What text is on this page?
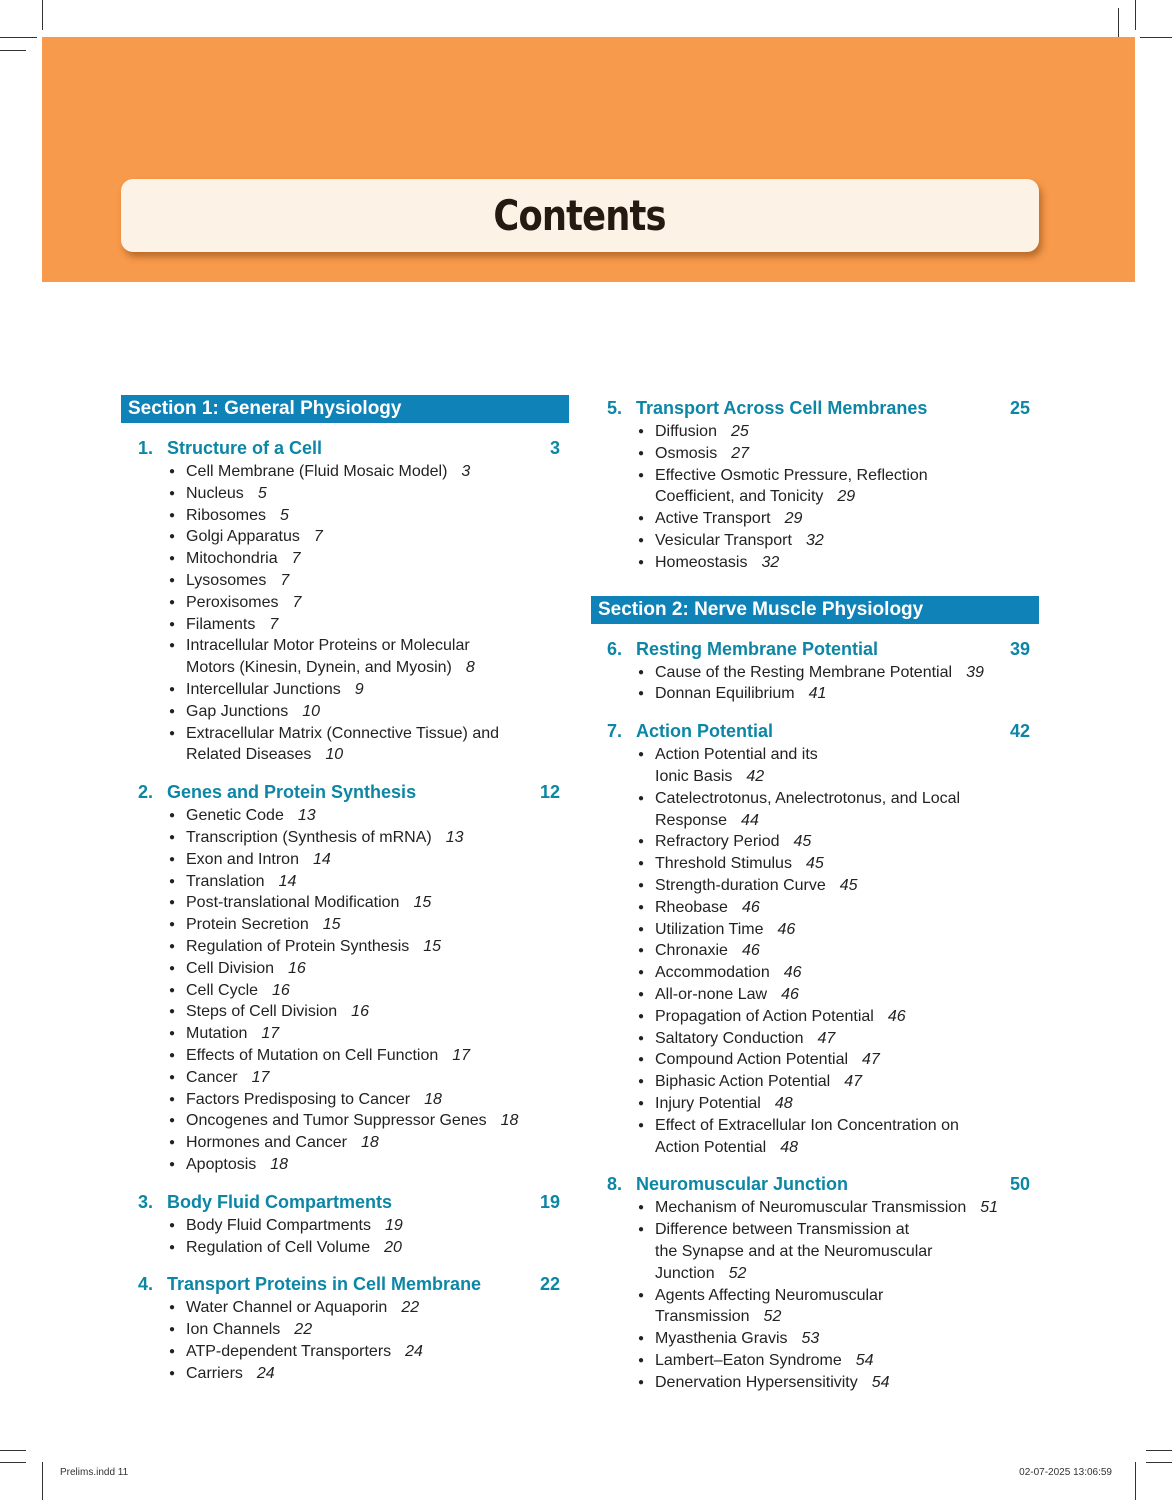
Contents
Section 1: General Physiology
1. Structure of a Cell	3
● Cell Membrane (Fluid Mosaic Model) 3
● Nucleus 5
● Ribosomes 5
● Golgi Apparatus 7
● Mitochondria 7
● Lysosomes 7
● Peroxisomes 7
● Filaments 7
● Intracellular Motor Proteins or Molecular
Motors (Kinesin, Dynein, and Myosin) 8
● Intercellular Junctions 9
● Gap Junctions 10
● Extracellular Matrix (Connective Tissue) and
Related Diseases 10
2. Genes and Protein Synthesis	12
● Genetic Code 13
● Transcription (Synthesis of mRNA) 13
● Exon and Intron 14
● Translation 14
● Post-translational Modification 15
● Protein Secretion 15
● Regulation of Protein Synthesis 15
● Cell Division 16
● Cell Cycle 16
● Steps of Cell Division 16
● Mutation 17
● Effects of Mutation on Cell Function 17
● Cancer 17
● Factors Predisposing to Cancer 18
● Oncogenes and Tumor Suppressor Genes 18
● Hormones and Cancer 18
● Apoptosis 18
3. Body Fluid Compartments	19
● Body Fluid Compartments 19
● Regulation of Cell Volume 20
4. Transport Proteins in Cell Membrane	22
● Water Channel or Aquaporin 22
● Ion Channels 22
● ATP-dependent Transporters 24
● Carriers 24
5. Transport Across Cell Membranes	25
● Diffusion 25
● Osmosis 27
● Effective Osmotic Pressure, Reflection
Coefficient, and Tonicity 29
● Active Transport 29
● Vesicular Transport 32
● Homeostasis 32
Section 2: Nerve Muscle Physiology
6. Resting Membrane Potential	39
● Cause of the Resting Membrane Potential 39
● Donnan Equilibrium 41
7. Action Potential	42
● Action Potential and its
Ionic Basis 42
● Catelectrotonus, Anelectrotonus, and Local
Response 44
● Refractory Period 45
● Threshold Stimulus 45
● Strength-duration Curve 45
● Rheobase 46
● Utilization Time 46
● Chronaxie 46
● Accommodation 46
● All-or-none Law 46
● Propagation of Action Potential 46
● Saltatory Conduction 47
● Compound Action Potential 47
● Biphasic Action Potential 47
● Injury Potential 48
● Effect of Extracellular Ion Concentration on
Action Potential 48
8. Neuromuscular Junction	50
● Mechanism of Neuromuscular Transmission 51
● Difference between Transmission at
the Synapse and at the Neuromuscular
Junction 52
● Agents Affecting Neuromuscular
Transmission 52
● Myasthenia Gravis 53
● Lambert–Eaton Syndrome 54
● Denervation Hypersensitivity 54
Prelims.indd 11	02-07-2025 13:06:59
